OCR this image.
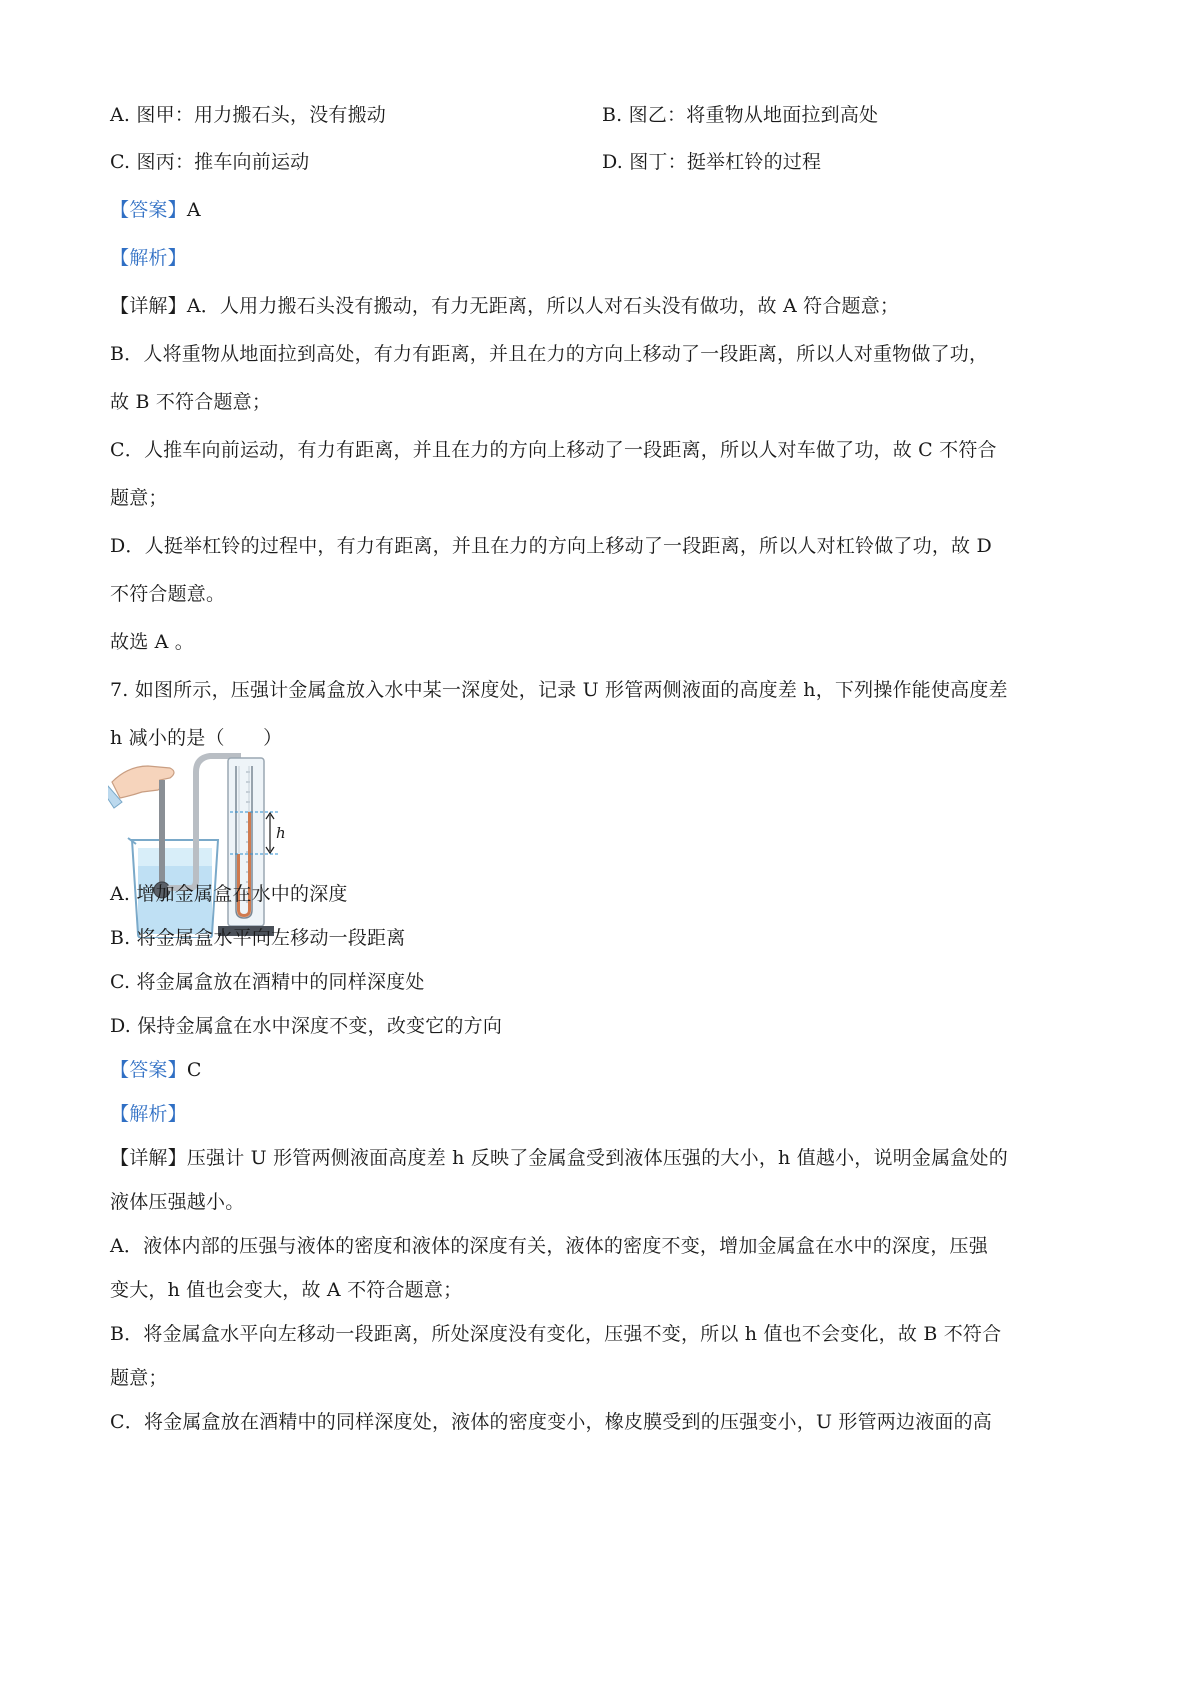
A. 图甲：用力搬石头，没有搬动	B. 图乙：将重物从地面拉到高处
C. 图丙：推车向前运动	D. 图丁：挺举杠铃的过程
【答案】A
【解析】
【详解】A．人用力搬石头没有搬动，有力无距离，所以人对石头没有做功，故 A 符合题意；
B．人将重物从地面拉到高处，有力有距离，并且在力的方向上移动了一段距离，所以人对重物做了功，
故 B 不符合题意；
C．人推车向前运动，有力有距离，并且在力的方向上移动了一段距离，所以人对车做了功，故 C 不符合
题意；
D．人挺举杠铃的过程中，有力有距离，并且在力的方向上移动了一段距离，所以人对杠铃做了功，故 D
不符合题意。
故选 A 。
7. 如图所示，压强计金属盒放入水中某一深度处，记录 U 形管两侧液面的高度差 h，下列操作能使高度差
h 减小的是（　　）
h
A. 增加金属盒在水中的深度
B. 将金属盒水平向左移动一段距离
C. 将金属盒放在酒精中的同样深度处
D. 保持金属盒在水中深度不变，改变它的方向
【答案】C
【解析】
【详解】压强计 U 形管两侧液面高度差 h 反映了金属盒受到液体压强的大小，h 值越小，说明金属盒处的
液体压强越小。
A．液体内部的压强与液体的密度和液体的深度有关，液体的密度不变，增加金属盒在水中的深度，压强
变大，h 值也会变大，故 A 不符合题意；
B．将金属盒水平向左移动一段距离，所处深度没有变化，压强不变，所以 h 值也不会变化，故 B 不符合
题意；
C．将金属盒放在酒精中的同样深度处，液体的密度变小，橡皮膜受到的压强变小，U 形管两边液面的高
